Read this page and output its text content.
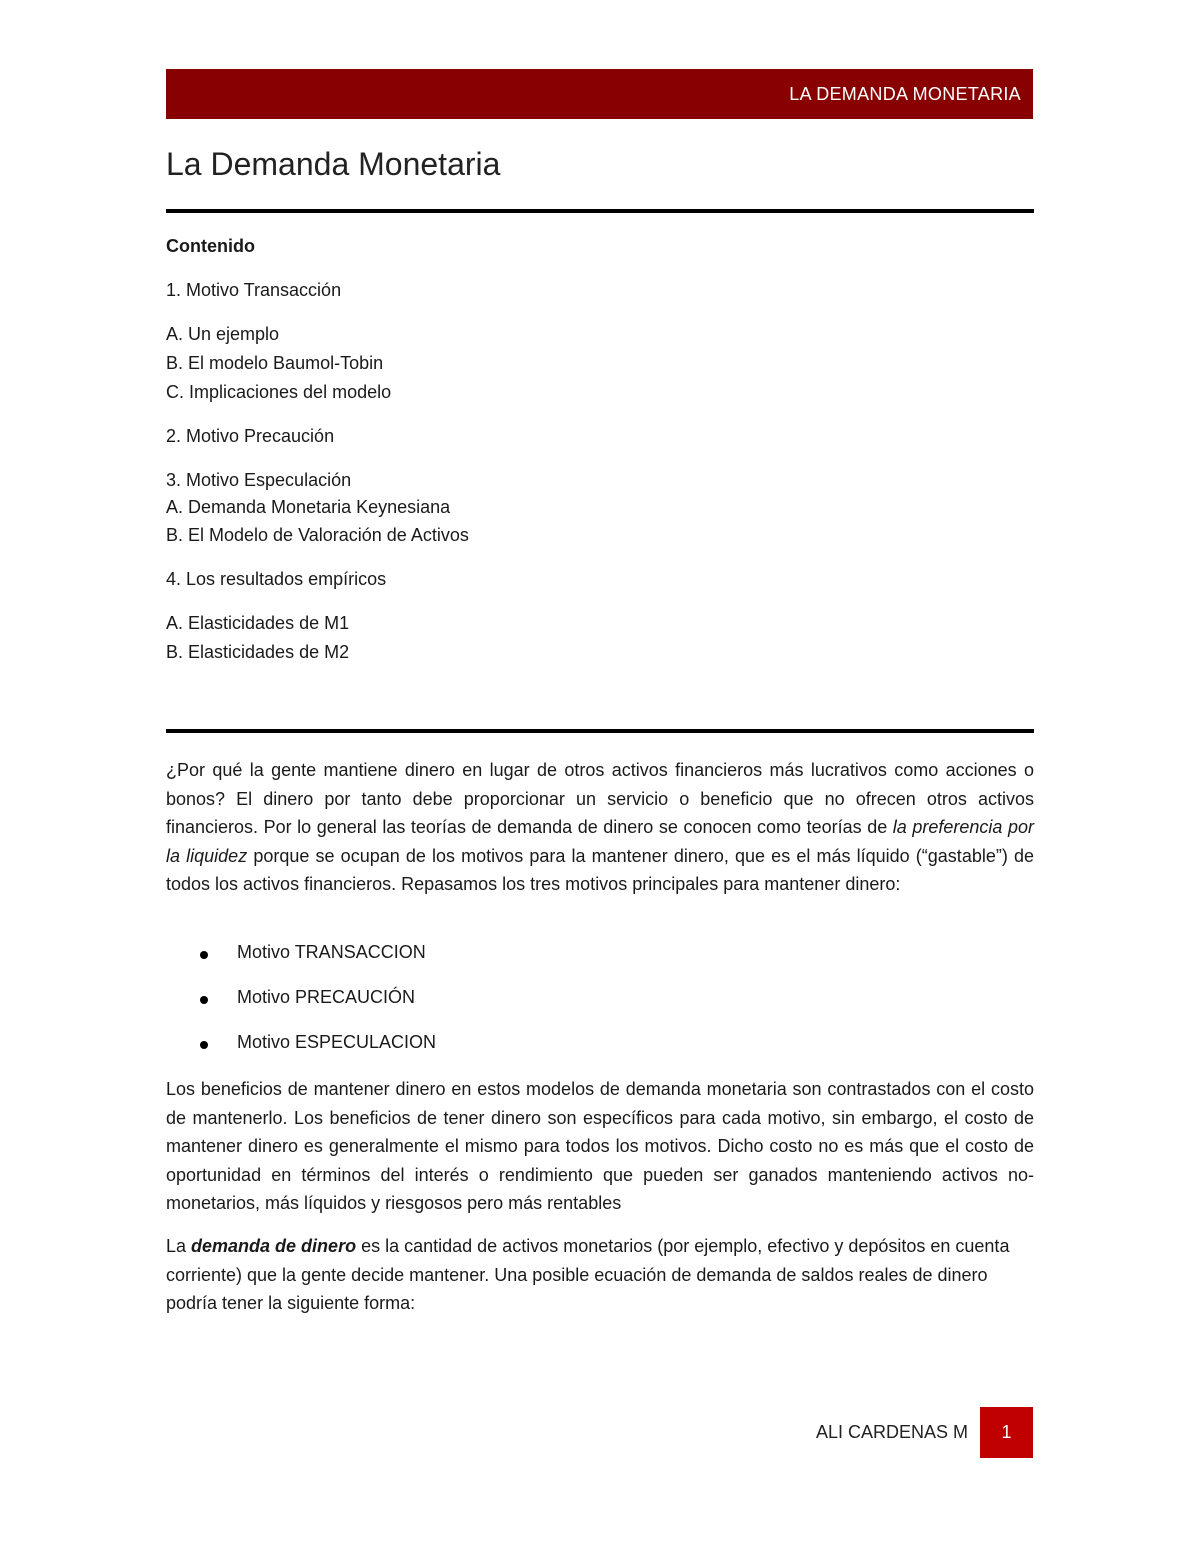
LA DEMANDA MONETARIA
La Demanda Monetaria
Contenido
1. Motivo Transacción
A. Un ejemplo
B. El modelo Baumol-Tobin
C. Implicaciones del modelo
2. Motivo Precaución
3. Motivo Especulación
A. Demanda Monetaria Keynesiana
B. El Modelo de Valoración de Activos
4. Los resultados empíricos
A. Elasticidades de M1
B. Elasticidades de M2
¿Por qué la gente mantiene dinero en lugar de otros activos financieros más lucrativos como acciones o bonos? El dinero por tanto debe proporcionar un servicio o beneficio que no ofrecen otros activos financieros. Por lo general las teorías de demanda de dinero se conocen como teorías de la preferencia por la liquidez porque se ocupan de los motivos para la mantener dinero, que es el más líquido (“gastable”) de todos los activos financieros. Repasamos los tres motivos principales para mantener dinero:
Motivo TRANSACCION
Motivo PRECAUCIÓN
Motivo ESPECULACION
Los beneficios de mantener dinero en estos modelos de demanda monetaria son contrastados con el costo de mantenerlo. Los beneficios de tener dinero son específicos para cada motivo, sin embargo, el costo de mantener dinero es generalmente el mismo para todos los motivos. Dicho costo no es más que el costo de oportunidad en términos del interés o rendimiento que pueden ser ganados manteniendo activos no-monetarios, más líquidos y riesgosos pero más rentables
La demanda de dinero es la cantidad de activos monetarios (por ejemplo, efectivo y depósitos en cuenta corriente) que la gente decide mantener. Una posible ecuación de demanda de saldos reales de dinero podría tener la siguiente forma:
ALI CARDENAS M	1
